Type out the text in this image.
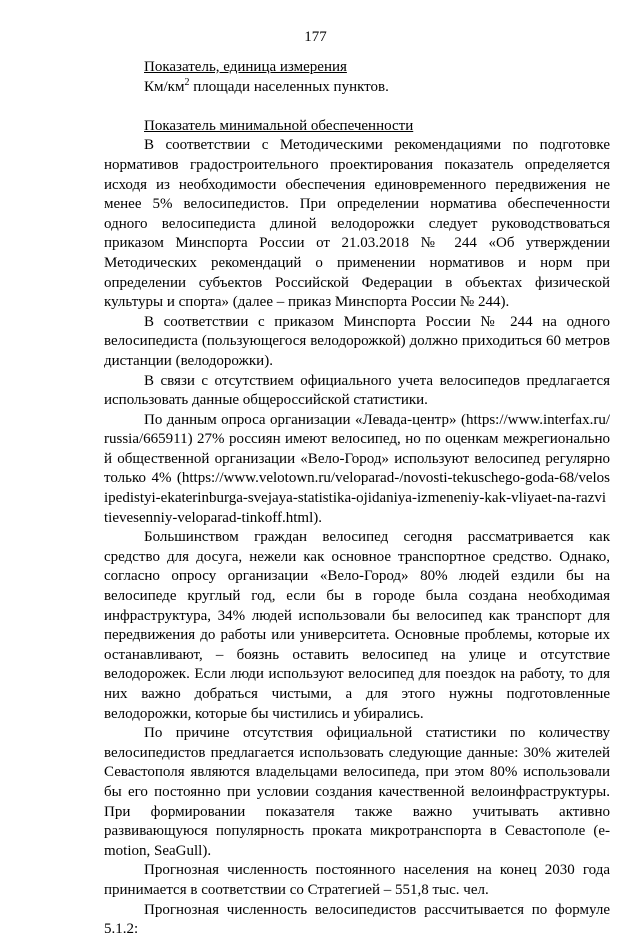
177

Показатель, единица измерения

$Км/км^2$ площади населенных пунктов.

Показатель минимальной обеспеченности

В соответствии с Методическими рекомендациями по подготовке нормативов градостроительного проектирования показатель определяется исходя из необходимости обеспечения единовременного передвижения не менее 5% велосипедистов. При определении норматива обеспеченности одного велосипедиста длиной велодорожки следует руководствоваться приказом Минспорта России от 21.03.2018 № 244 «Об утверждении Методических рекомендаций о применении нормативов и норм при определении субъектов Российской Федерации в объектах физической культуры и спорта» (далее – приказ Минспорта России № 244).

В соответствии с приказом Минспорта России № 244 на одного велосипедиста (пользующегося велодорожкой) должно приходиться 60 метров дистанции (велодорожки).

В связи с отсутствием официального учета велосипедов предлагается использовать данные общероссийской статистики.

По данным опроса организации «Левада-центр» (https://www.interfax.ru/russia/665911) 27% россиян имеют велосипед, но по оценкам межрегиональной общественной организации «Вело-Город» используют велосипед регулярно только 4% (https://www.velotown.ru/veloparad-/novosti-tekuschego-goda-68/velosipedistyi-ekaterinburga-svejaya-statistika-ojidaniya-izmeneniy-kak-vliyaet-na-razvitievesenniy-veloparad-tinkoff.html).

Большинством граждан велосипед сегодня рассматривается как средство для досуга, нежели как основное транспортное средство. Однако, согласно опросу организации «Вело-Город» 80% людей ездили бы на велосипеде круглый год, если бы в городе была создана необходимая инфраструктура, 34% людей использовали бы велосипед как транспорт для передвижения до работы или университета. Основные проблемы, которые их останавливают, – боязнь оставить велосипед на улице и отсутствие велодорожек. Если люди используют велосипед для поездок на работу, то для них важно добраться чистыми, а для этого нужны подготовленные велодорожки, которые бы чистились и убирались.

По причине отсутствия официальной статистики по количеству велосипедистов предлагается использовать следующие данные: 30% жителей Севастополя являются владельцами велосипеда, при этом 80% использовали бы его постоянно при условии создания качественной велоинфраструктуры. При формировании показателя также важно учитывать активно развивающуюся популярность проката микротранспорта в Севастополе (e-motion, SeaGull).

Прогнозная численность постоянного населения на конец 2030 года принимается в соответствии со Стратегией – 551,8 тыс. чел.

Прогнозная численность велосипедистов рассчитывается по формуле 5.1.2:
